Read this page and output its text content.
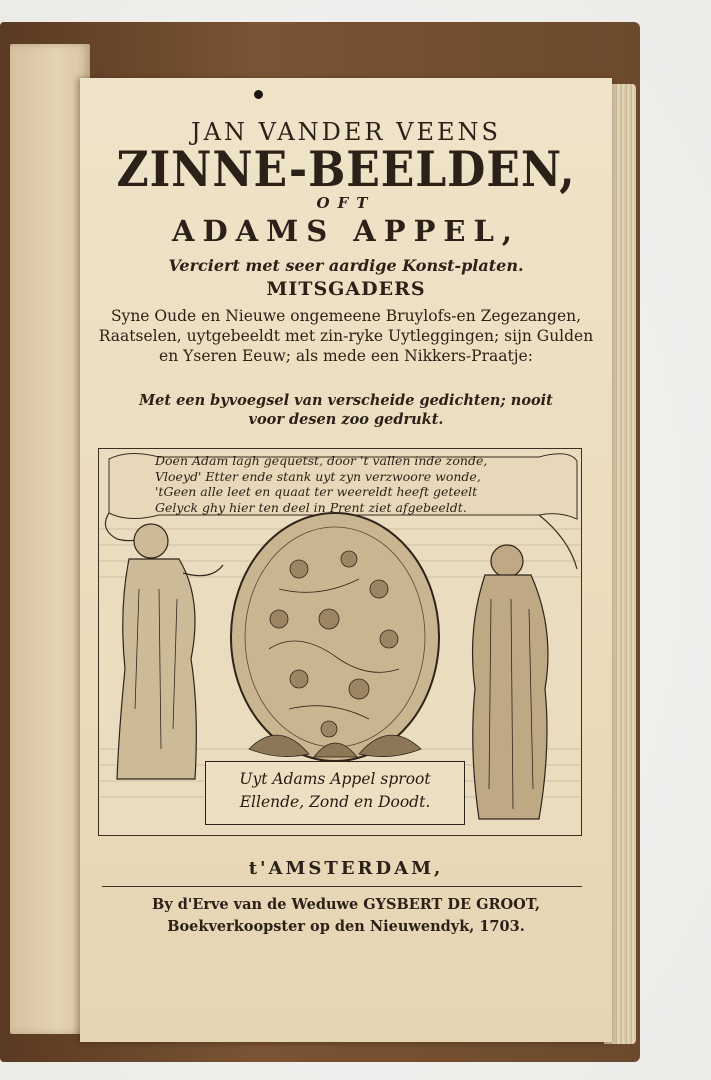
JAN VANDER VEENS
ZINNE-BEELDEN,
OFT
ADAMS APPEL,
Verciert met seer aardige Konst-platen.
MITSGADERS
Syne Oude en Nieuwe ongemeene Bruylofs-en Zegezangen, Raatselen, uytgebeeldt met zin-ryke Uytleggingen; sijn Gulden en Yseren Eeuw; als mede een Nikkers-Praatje:
Met een byvoegsel van verscheide gedichten; nooit voor desen zoo gedrukt.
Doen Adam lagh gequetst, door 't vallen inde zonde,
Vloeyd' Etter ende stank uyt zyn verzwoore wonde,
'tGeen alle leet en quaat ter weereldt heeft geteelt
Gelyck ghy hier ten deel in Prent ziet afgebeeldt.
Uyt Adams Appel sproot
Ellende, Zond en Doodt.
t'AMSTERDAM,
By d'Erve van de Weduwe GYSBERT DE GROOT,
Boekverkoopster op den Nieuwendyk, 1703.
